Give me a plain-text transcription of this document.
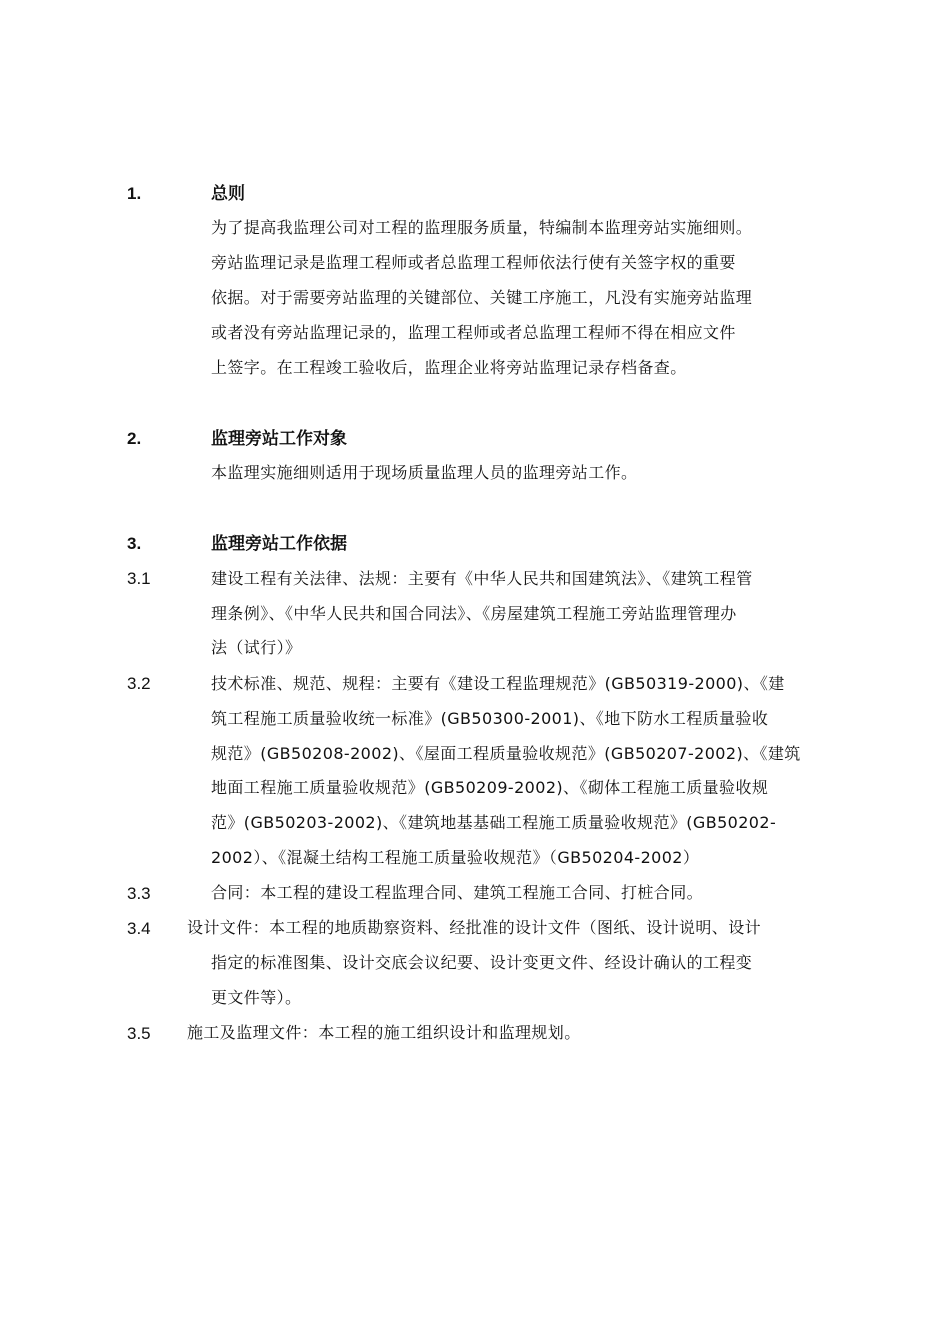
1.	总则
为了提高我监理公司对工程的监理服务质量，特编制本监理旁站实施细则。
旁站监理记录是监理工程师或者总监理工程师依法行使有关签字权的重要
依据。对于需要旁站监理的关键部位、关键工序施工，凡没有实施旁站监理
或者没有旁站监理记录的，监理工程师或者总监理工程师不得在相应文件
上签字。在工程竣工验收后，监理企业将旁站监理记录存档备查。
2.	监理旁站工作对象
本监理实施细则适用于现场质量监理人员的监理旁站工作。
3.	监理旁站工作依据
3.1	建设工程有关法律、法规：主要有《中华人民共和国建筑法》、《建筑工程管
理条例》、《中华人民共和国合同法》、《房屋建筑工程施工旁站监理管理办
法（试行）》
3.2	技术标准、规范、规程：主要有《建设工程监理规范》(GB50319-2000)、《建
筑工程施工质量验收统一标准》(GB50300-2001)、《地下防水工程质量验收
规范》(GB50208-2002)、《屋面工程质量验收规范》(GB50207-2002)、《建筑
地面工程施工质量验收规范》(GB50209-2002)、《砌体工程施工质量验收规
范》(GB50203-2002)、《建筑地基基础工程施工质量验收规范》(GB50202-
2002）、《混凝土结构工程施工质量验收规范》（GB50204-2002）
3.3	合同：本工程的建设工程监理合同、建筑工程施工合同、打桩合同。
3.4 设计文件：本工程的地质勘察资料、经批准的设计文件（图纸、设计说明、设计
指定的标准图集、设计交底会议纪要、设计变更文件、经设计确认的工程变
更文件等）。
3.5 施工及监理文件：本工程的施工组织设计和监理规划。
